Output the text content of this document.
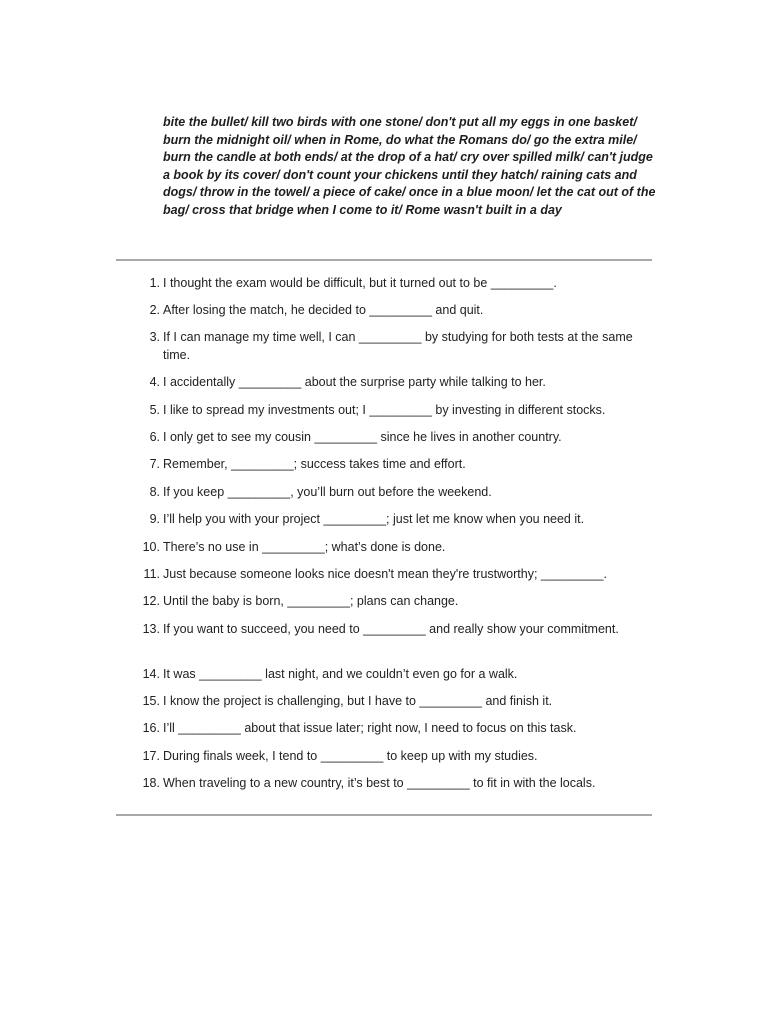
bite the bullet/ kill two birds with one stone/ don't put all my eggs in one basket/ burn the midnight oil/ when in Rome, do what the Romans do/ go the extra mile/ burn the candle at both ends/ at the drop of a hat/ cry over spilled milk/ can't judge a book by its cover/ don't count your chickens until they hatch/ raining cats and dogs/ throw in the towel/ a piece of cake/ once in a blue moon/ let the cat out of the bag/ cross that bridge when I come to it/ Rome wasn't built in a day

1. I thought the exam would be difficult, but it turned out to be _________.
2. After losing the match, he decided to _________ and quit.
3. If I can manage my time well, I can _________ by studying for both tests at the same time.
4. I accidentally _________ about the surprise party while talking to her.
5. I like to spread my investments out; I _________ by investing in different stocks.
6. I only get to see my cousin _________ since he lives in another country.
7. Remember, _________; success takes time and effort.
8. If you keep _________, you’ll burn out before the weekend.
9. I’ll help you with your project _________; just let me know when you need it.
10. There’s no use in _________; what’s done is done.
11. Just because someone looks nice doesn't mean they're trustworthy; _________.
12. Until the baby is born, _________; plans can change.
13. If you want to succeed, you need to _________ and really show your commitment.
14. It was _________ last night, and we couldn’t even go for a walk.
15. I know the project is challenging, but I have to _________ and finish it.
16. I’ll _________ about that issue later; right now, I need to focus on this task.
17. During finals week, I tend to _________ to keep up with my studies.
18. When traveling to a new country, it’s best to _________ to fit in with the locals.
